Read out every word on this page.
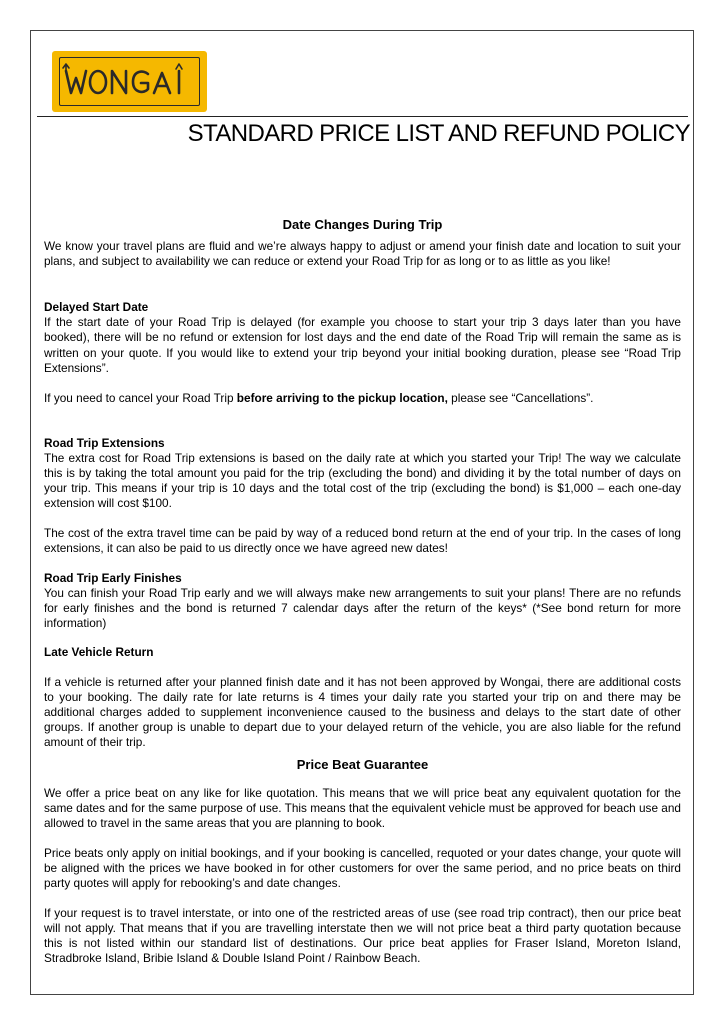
STANDARD PRICE LIST AND REFUND POLICY
Date Changes During Trip

We know your travel plans are fluid and we’re always happy to adjust or amend your finish date and location to suit your plans, and subject to availability we can reduce or extend your Road Trip for as long or to as little as you like!

Delayed Start Date

If the start date of your Road Trip is delayed (for example you choose to start your trip 3 days later than you have booked), there will be no refund or extension for lost days and the end date of the Road Trip will remain the same as is written on your quote. If you would like to extend your trip beyond your initial booking duration, please see “Road Trip Extensions”.

If you need to cancel your Road Trip before arriving to the pickup location, please see “Cancellations”.

Road Trip Extensions

The extra cost for Road Trip extensions is based on the daily rate at which you started your Trip! The way we calculate this is by taking the total amount you paid for the trip (excluding the bond) and dividing it by the total number of days on your trip. This means if your trip is 10 days and the total cost of the trip (excluding the bond) is $1,000 – each one-day extension will cost $100.

The cost of the extra travel time can be paid by way of a reduced bond return at the end of your trip. In the cases of long extensions, it can also be paid to us directly once we have agreed new dates!

Road Trip Early Finishes

You can finish your Road Trip early and we will always make new arrangements to suit your plans! There are no refunds for early finishes and the bond is returned 7 calendar days after the return of the keys* (*See bond return for more information)

Late Vehicle Return

If a vehicle is returned after your planned finish date and it has not been approved by Wongai, there are additional costs to your booking. The daily rate for late returns is 4 times your daily rate you started your trip on and there may be additional charges added to supplement inconvenience caused to the business and delays to the start date of other groups. If another group is unable to depart due to your delayed return of the vehicle, you are also liable for the refund amount of their trip.

Price Beat Guarantee

We offer a price beat on any like for like quotation. This means that we will price beat any equivalent quotation for the same dates and for the same purpose of use. This means that the equivalent vehicle must be approved for beach use and allowed to travel in the same areas that you are planning to book.

Price beats only apply on initial bookings, and if your booking is cancelled, requoted or your dates change, your quote will be aligned with the prices we have booked in for other customers for over the same period, and no price beats on third party quotes will apply for rebooking’s and date changes.

If your request is to travel interstate, or into one of the restricted areas of use (see road trip contract), then our price beat will not apply. That means that if you are travelling interstate then we will not price beat a third party quotation because this is not listed within our standard list of destinations. Our price beat applies for Fraser Island, Moreton Island, Stradbroke Island, Bribie Island & Double Island Point / Rainbow Beach.
